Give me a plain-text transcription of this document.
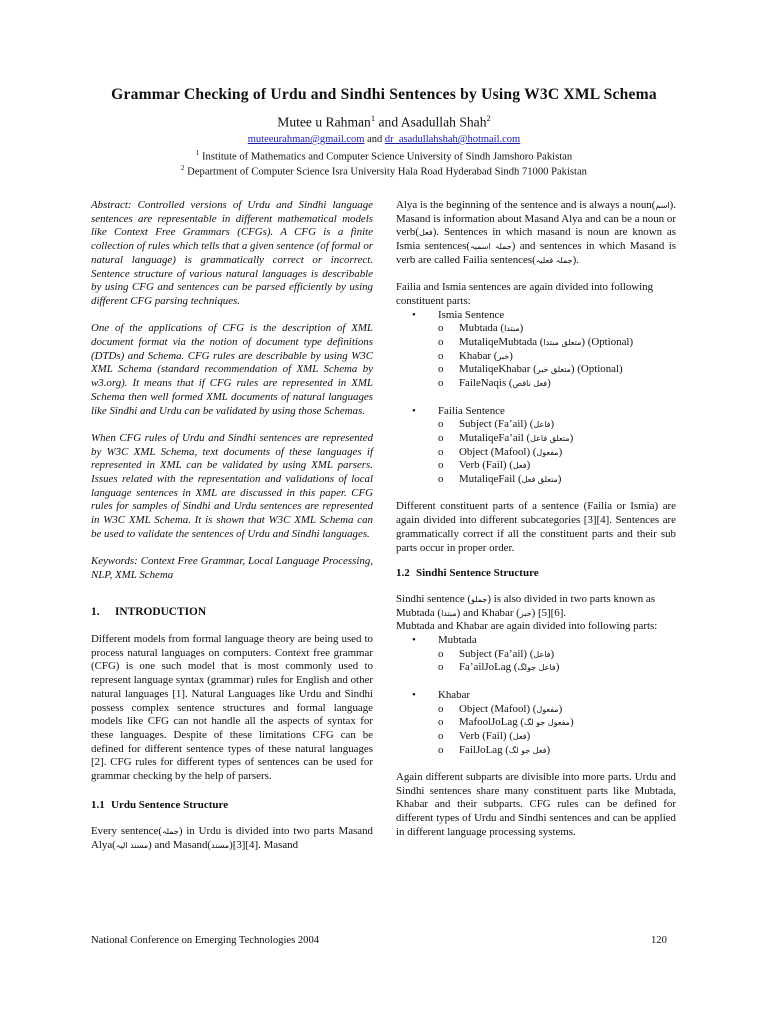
Grammar Checking of Urdu and Sindhi Sentences by Using W3C XML Schema
Mutee u Rahman$^1$ and Asadullah Shah$^2$
muteeurahman@gmail.com and dr_asadullahshah@hotmail.com
$^1$ Institute of Mathematics and Computer Science University of Sindh Jamshoro Pakistan
$^2$ Department of Computer Science Isra University Hala Road Hyderabad Sindh 71000 Pakistan

Abstract: Controlled versions of Urdu and Sindhi language sentences are representable in different mathematical models like Context Free Grammars (CFGs). A CFG is a finite collection of rules which tells that a given sentence (of formal or natural language) is grammatically correct or incorrect. Sentence structure of various natural languages is describable by using CFG and sentences can be parsed efficiently by using different CFG parsing techniques.

One of the applications of CFG is the description of XML document format via the notion of document type definitions (DTDs) and Schema. CFG rules are describable by using W3C XML Schema (standard recommendation of XML Schema by w3.org). It means that if CFG rules are represented in XML Schema then well formed XML documents of natural languages like Sindhi and Urdu can be validated by using those Schemas.

When CFG rules of Urdu and Sindhi sentences are represented by W3C XML Schema, text documents of these languages if represented in XML can be validated by using XML parsers. Issues related with the representation and validations of local language sentences in XML are discussed in this paper. CFG rules for samples of Sindhi and Urdu sentences are represented in W3C XML Schema. It is shown that W3C XML Schema can be used to validate the sentences of Urdu and Sindhi languages.

Keywords: Context Free Grammar, Local Language Processing, NLP, XML Schema

1. INTRODUCTION

Different models from formal language theory are being used to process natural languages on computers. Context free grammar (CFG) is one such model that is most commonly used to represent language syntax (grammar) rules for English and other natural languages [1]. Natural Languages like Urdu and Sindhi possess complex sentence structures and formal language models like CFG can not handle all the aspects of syntax for these languages. Despite of these limitations CFG can be defined for different sentence types of these natural languages [2]. CFG rules for different types of sentences can be used for grammar checking by the help of parsers.

1.1 Urdu Sentence Structure

Every sentence(جملہ) in Urdu is divided into two parts Masand Alya(مسند الیہ) and Masand(مسند)[3][4]. Masand

Alya is the beginning of the sentence and is always a noun(اسم). Masand is information about Masand Alya and can be a noun or verb(فعل). Sentences in which masand is noun are known as Ismia sentences(جملہ اسمیہ) and sentences in which Masand is verb are called Failia sentences(جملہ فعلیہ).

Failia and Ismia sentences are again divided into following constituent parts:

• Ismia Sentence
o Mubtada (مبتدا)
o MutaliqeMubtada (متعلق مبتدا) (Optional)
o Khabar (خبر)
o MutaliqeKhabar (متعلق خبر) (Optional)
o FaileNaqis (فعل ناقص)
• Failia Sentence
o Subject (Fa’ail) (فاعل)
o MutaliqeFa’ail (متعلق فاعل)
o Object (Mafool) (مفعول)
o Verb (Fail) (فعل)
o MutaliqeFail (متعلق فعل)

Different constituent parts of a sentence (Failia or Ismia) are again divided into different subcategories [3][4]. Sentences are grammatically correct if all the constituent parts and their sub parts occur in proper order.

1.2 Sindhi Sentence Structure

Sindhi sentence (جملو) is also divided in two parts known as Mubtada (مبتدا) and Khabar (خبر) [5][6].

Mubtada and Khabar are again divided into following parts:

• Mubtada
o Subject (Fa’ail) (فاعل)
o Fa’ailJoLag (فاعل جولگ)
• Khabar
o Object (Mafool) (مفعول)
o MafoolJoLag (مفعول جو لگ)
o Verb (Fail) (فعل)
o FailJoLag (فعل جو لگ)

Again different subparts are divisible into more parts. Urdu and Sindhi sentences share many constituent parts like Mubtada, Khabar and their subparts. CFG rules can be defined for different types of Urdu and Sindhi sentences and can be applied in different language processing systems.

National Conference on Emerging Technologies 2004	120
